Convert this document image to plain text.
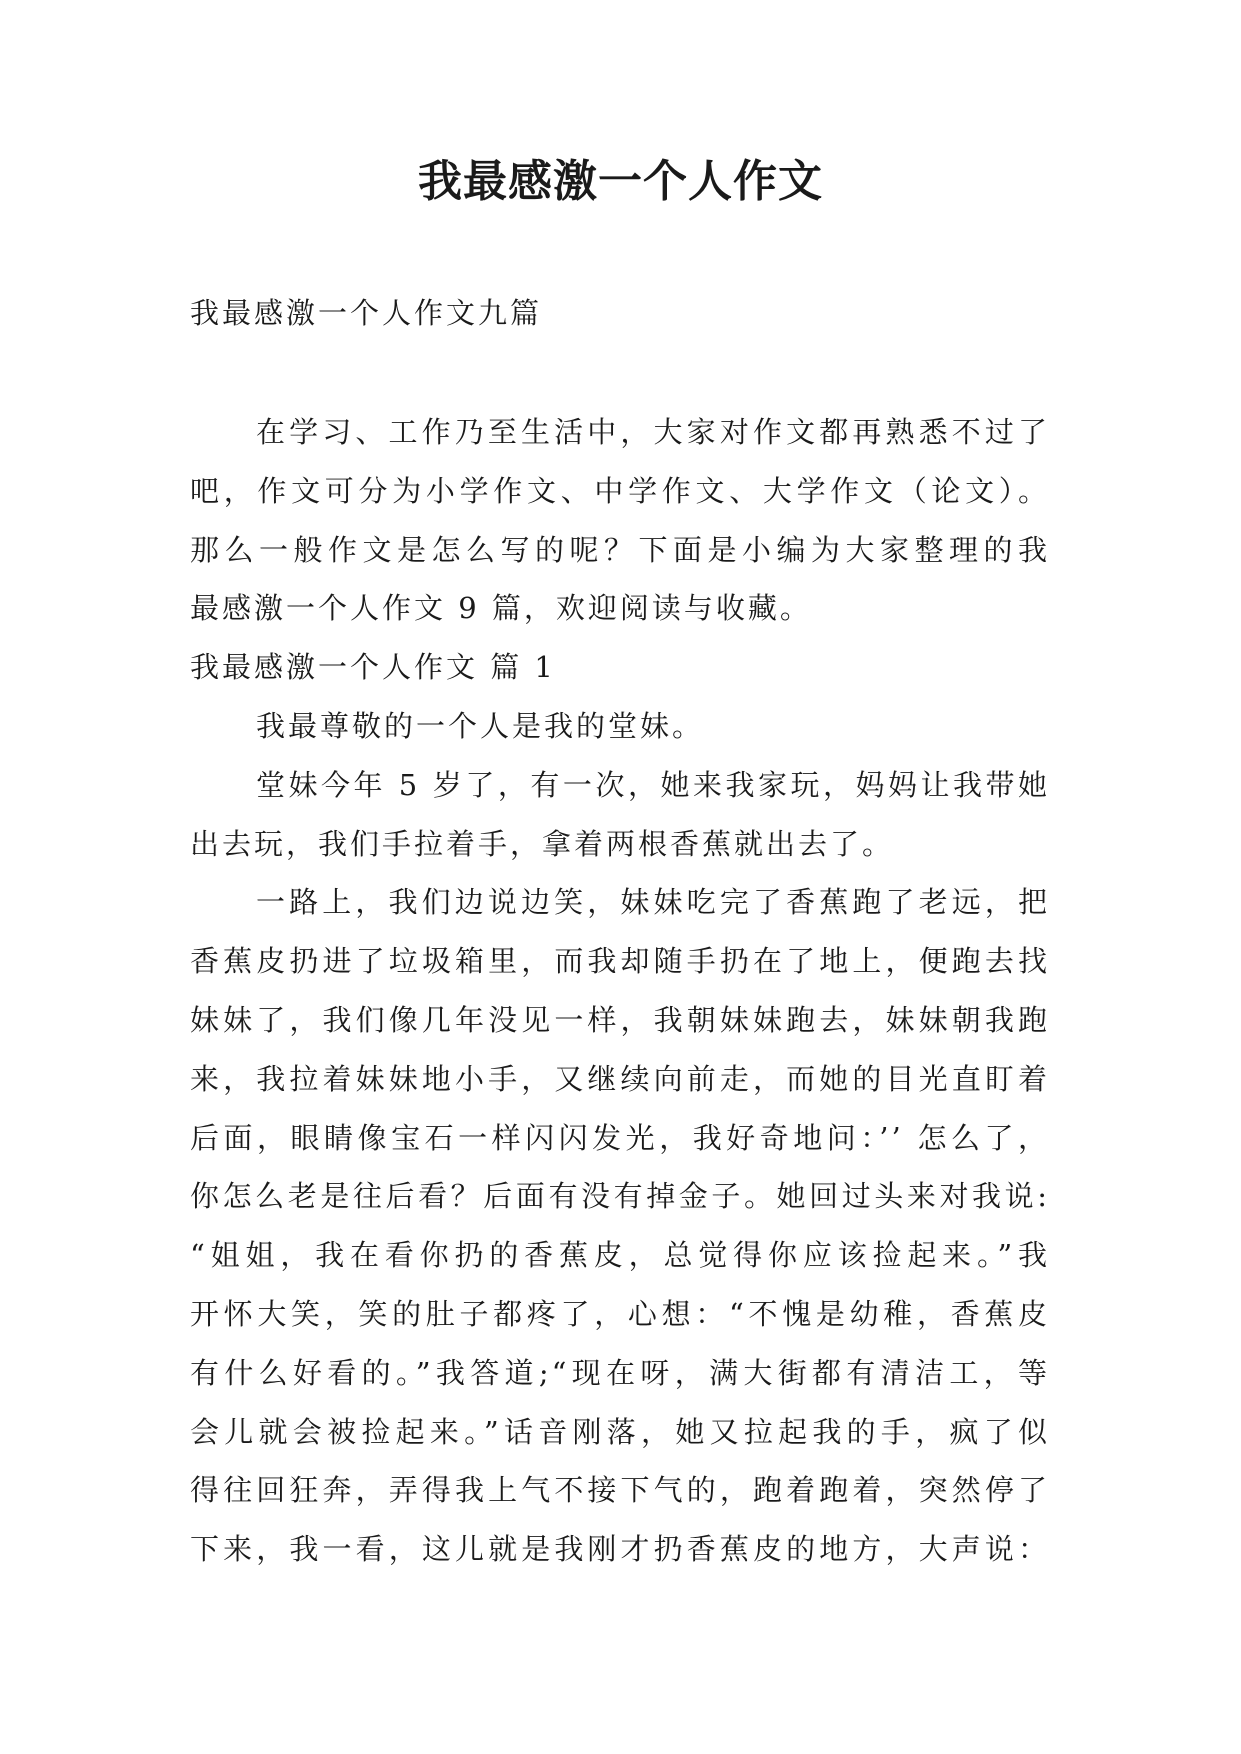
我最感激一个人作文

我最感激一个人作文九篇

在学习、工作乃至生活中，大家对作文都再熟悉不过了
吧，作文可分为小学作文、中学作文、大学作文（论文）。
那么一般作文是怎么写的呢？下面是小编为大家整理的我
最感激一个人作文 9 篇，欢迎阅读与收藏。
我最感激一个人作文 篇 1
我最尊敬的一个人是我的堂妹。
堂妹今年 5 岁了，有一次，她来我家玩，妈妈让我带她
出去玩，我们手拉着手，拿着两根香蕉就出去了。
一路上，我们边说边笑，妹妹吃完了香蕉跑了老远，把
香蕉皮扔进了垃圾箱里，而我却随手扔在了地上，便跑去找
妹妹了，我们像几年没见一样，我朝妹妹跑去，妹妹朝我跑
来，我拉着妹妹地小手，又继续向前走，而她的目光直盯着
后面，眼睛像宝石一样闪闪发光，我好奇地问：’’ 怎么了，
你怎么老是往后看？后面有没有掉金子。她回过头来对我说:
“姐姐，我在看你扔的香蕉皮，总觉得你应该捡起来。”我
开怀大笑，笑的肚子都疼了，心想：“不愧是幼稚，香蕉皮
有什么好看的。”我答道;“现在呀，满大街都有清洁工，等
会儿就会被捡起来。”话音刚落，她又拉起我的手，疯了似
得往回狂奔，弄得我上气不接下气的，跑着跑着，突然停了
下来，我一看，这儿就是我刚才扔香蕉皮的地方，大声说：
